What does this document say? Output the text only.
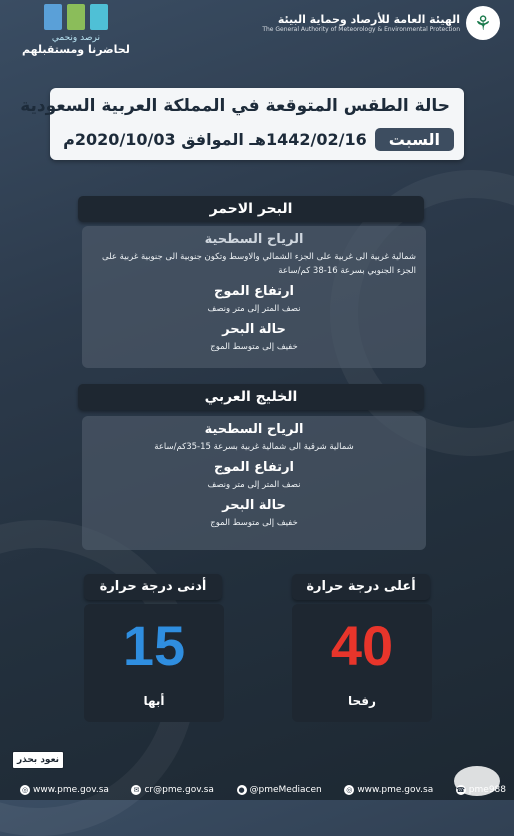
⚘
الهيئة العامة للأرصاد وحماية البيئة
The General Authority of Meteorology & Environmental Protection
نرصد ونحمي
لحاضرنا ومستقبلهم
حالة الطقس المتوقعة في المملكة العربية السعودية
السبت
1442/02/16هـ الموافق 2020/10/03م
البحر الاحمر
الرياح السطحية
شمالية غربية الى غربية على الجزء الشمالي والاوسط وتكون جنوبية الى جنوبية غربية على الجزء الجنوبي بسرعة 16-38 كم/ساعة
ارتفاع الموج
نصف المتر إلى متر ونصف
حالة البحر
خفيف إلى متوسط الموج
الخليج العربي
الرياح السطحية
شمالية شرقية الى شمالية غربية بسرعة 15-35كم/ساعة
ارتفاع الموج
نصف المتر إلى متر ونصف
حالة البحر
خفيف إلى متوسط الموج
أعلى درجة حرارة
40
رفحا
أدنى درجة حرارة
15
أبها
نعود بحذر
◎ www.pme.gov.sa	✉ cr@pme.gov.sa	● @pmeMediacen	◎ www.pme.gov.sa	☎ pme988
